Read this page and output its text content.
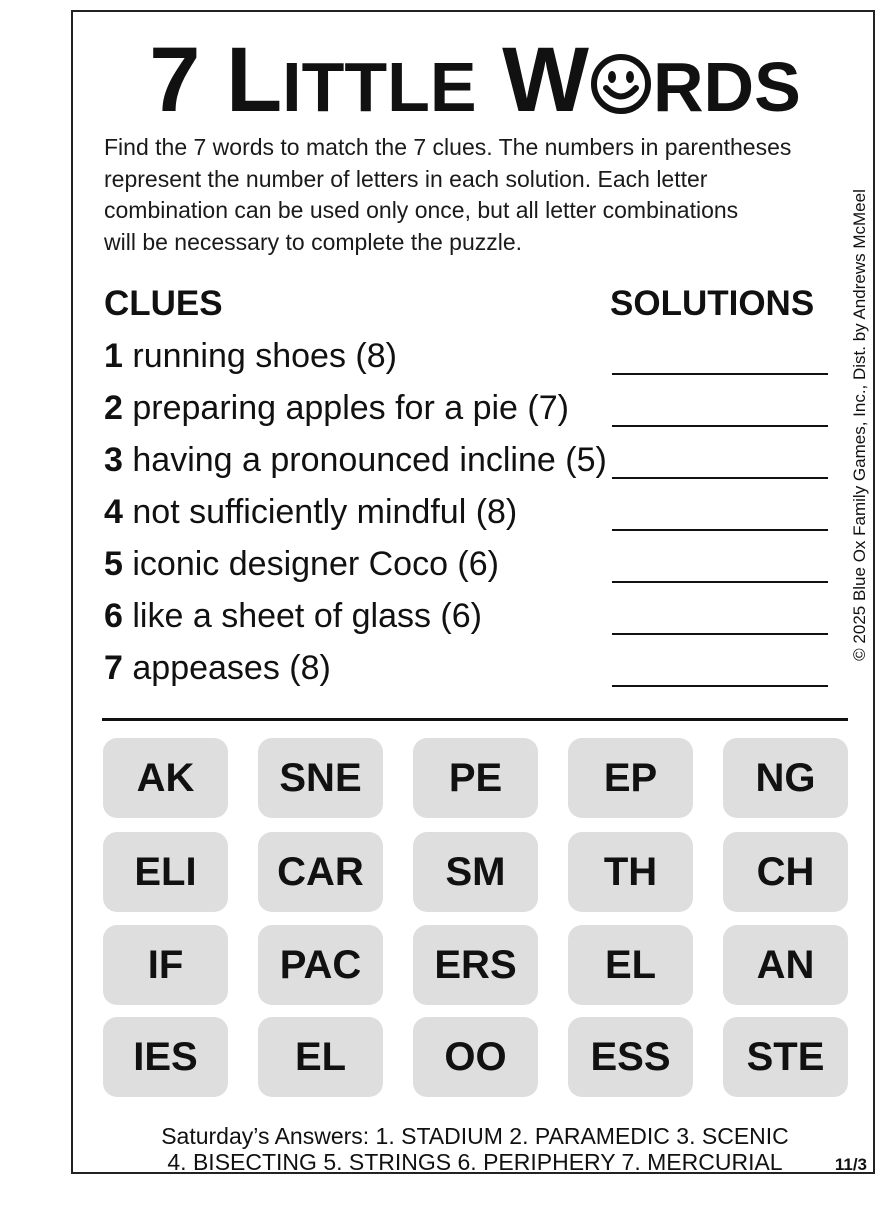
7 LITTLE W RDS
Find the 7 words to match the 7 clues. The numbers in parentheses
represent the number of letters in each solution. Each letter
combination can be used only once, but all letter combinations
will be necessary to complete the puzzle.
CLUES	SOLUTIONS
1 running shoes (8)
2 preparing apples for a pie (7)
3 having a pronounced incline (5)
4 not sufficiently mindful (8)
5 iconic designer Coco (6)
6 like a sheet of glass (6)
7 appeases (8)
AK	SNE	PE	EP	NG
ELI	CAR	SM	TH	CH
IF	PAC	ERS	EL	AN
IES	EL	OO	ESS	STE
Saturday’s Answers: 1. STADIUM 2. PARAMEDIC 3. SCENIC
4. BISECTING 5. STRINGS 6. PERIPHERY 7. MERCURIAL	11/3
© 2025 Blue Ox Family Games, Inc., Dist. by Andrews McMeel
